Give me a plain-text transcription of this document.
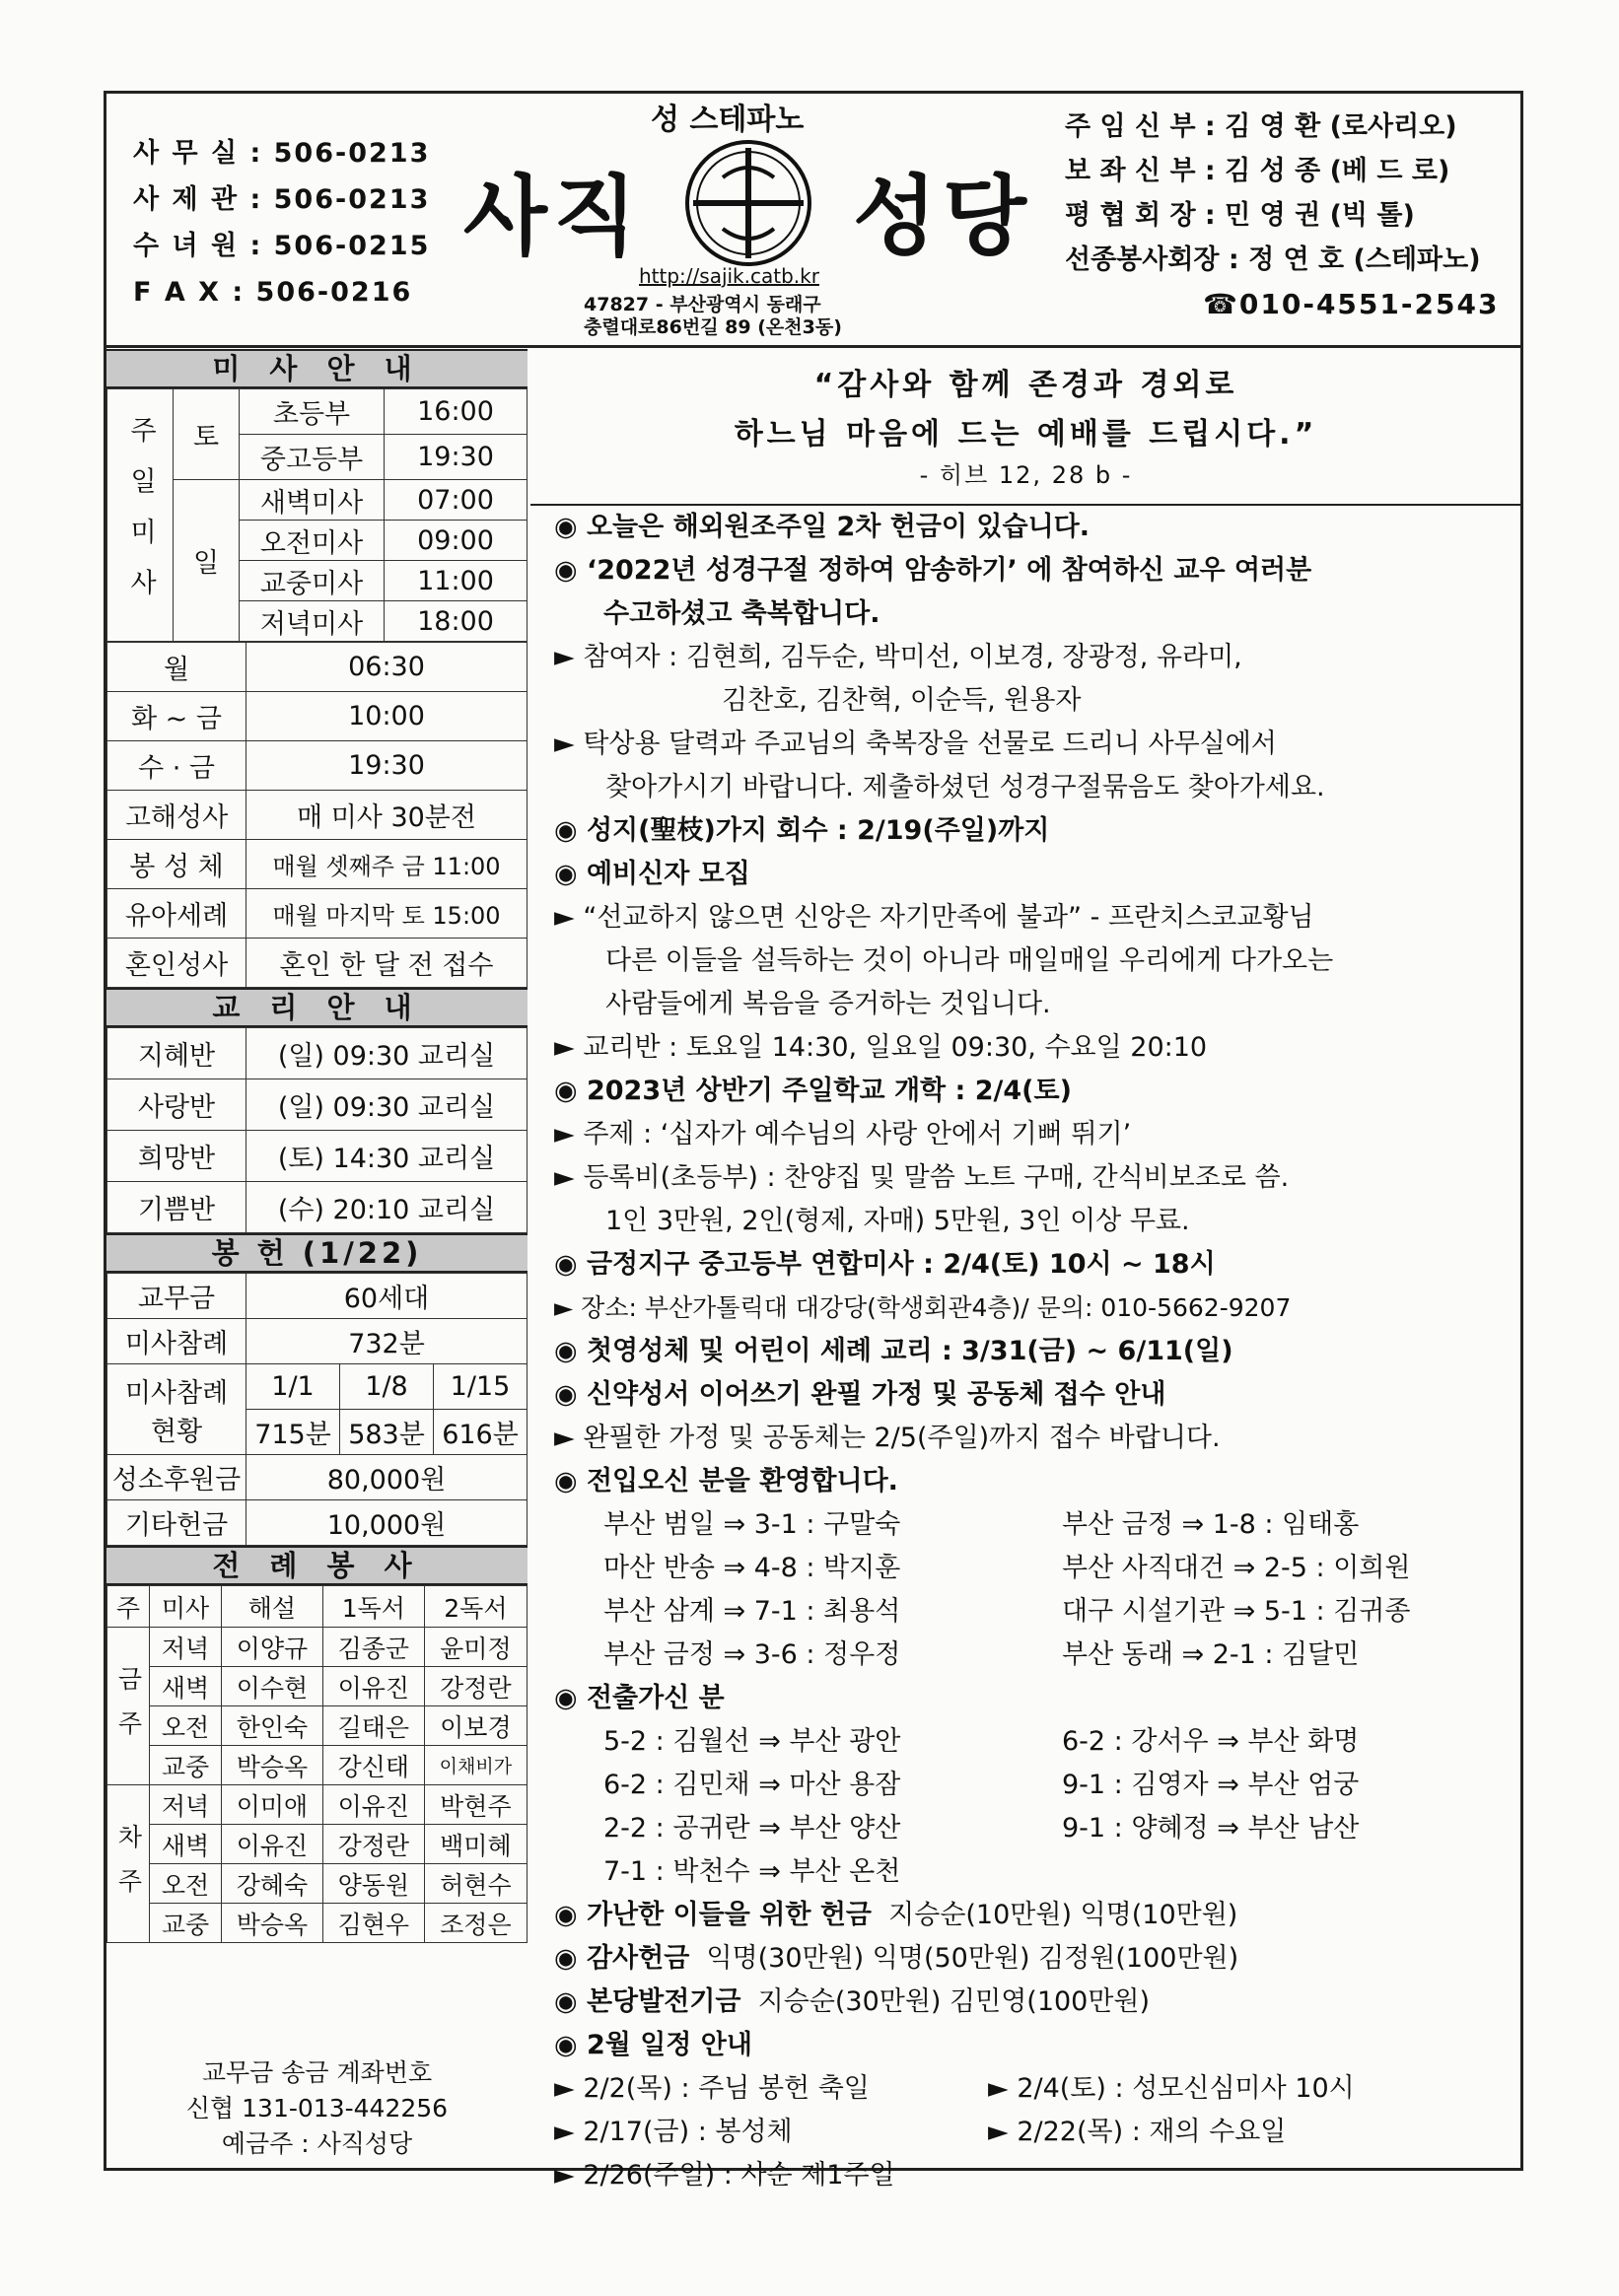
사 무 실 : 506-0213
사 제 관 : 506-0213
수 녀 원 : 506-0215
F A X : 506-0216
성 스테파노
사직 성당
http://sajik.catb.kr
47827 - 부산광역시 동래구
충렬대로86번길 89 (온천3동)
주 임 신 부 : 김 영 환 (로사리오)
보 좌 신 부 : 김 성 종 (베 드 로)
평 협 회 장 : 민 영 권 (빅 톨)
선종봉사회장 : 정 연 호 (스테파노)
☎010-4551-2543
미 사 안 내
주 일 미 사	토	초등부	16:00
		중고등부	19:30
	일	새벽미사	07:00
		오전미사	09:00
		교중미사	11:00
		저녁미사	18:00
월	06:30
화 ~ 금	10:00
수 · 금	19:30
고해성사	매 미사 30분전
봉 성 체	매월 셋째주 금 11:00
유아세례	매월 마지막 토 15:00
혼인성사	혼인 한 달 전 접수
교 리 안 내
지혜반	(일) 09:30 교리실
사랑반	(일) 09:30 교리실
희망반	(토) 14:30 교리실
기쁨반	(수) 20:10 교리실
봉 헌 (1/22)
교무금	60세대		
미사참례	732분		

미사참례
현황	1/1	1/8	1/15
	715분	583분	616분
성소후원금	80,000원		
기타헌금	10,000원		
전 례 봉 사
주	미사	해설	1독서	2독서
금 주	저녁	이양규	김종군	윤미정
	새벽	이수현	이유진	강정란
	오전	한인숙	길태은	이보경
	교중	박승옥	강신태	이채비가
차 주	저녁	이미애	이유진	박현주
	새벽	이유진	강정란	백미혜
	오전	강혜숙	양동원	허현수
	교중	박승옥	김현우	조정은
교무금 송금 계좌번호
신협 131-013-442256
예금주 : 사직성당
“감사와 함께 존경과 경외로
하느님 마음에 드는 예배를 드립시다.”
- 히브 12, 28 b -
◉ 오늘은 해외원조주일 2차 헌금이 있습니다.
◉ ‘2022년 성경구절 정하여 암송하기’ 에 참여하신 교우 여러분
수고하셨고 축복합니다.
► 참여자 : 김현희, 김두순, 박미선, 이보경, 장광정, 유라미,
김찬호, 김찬혁, 이순득, 원용자
► 탁상용 달력과 주교님의 축복장을 선물로 드리니 사무실에서
찾아가시기 바랍니다. 제출하셨던 성경구절묶음도 찾아가세요.
◉ 성지(聖枝)가지 회수 : 2/19(주일)까지
◉ 예비신자 모집
► “선교하지 않으면 신앙은 자기만족에 불과” - 프란치스코교황님
다른 이들을 설득하는 것이 아니라 매일매일 우리에게 다가오는
사람들에게 복음을 증거하는 것입니다.
► 교리반 : 토요일 14:30, 일요일 09:30, 수요일 20:10
◉ 2023년 상반기 주일학교 개학 : 2/4(토)
► 주제 : ‘십자가 예수님의 사랑 안에서 기뻐 뛰기’
► 등록비(초등부) : 찬양집 및 말씀 노트 구매, 간식비보조로 씀.
1인 3만원, 2인(형제, 자매) 5만원, 3인 이상 무료.
◉ 금정지구 중고등부 연합미사 : 2/4(토) 10시 ~ 18시
► 장소: 부산가톨릭대 대강당(학생회관4층)/ 문의: 010-5662-9207
◉ 첫영성체 및 어린이 세례 교리 : 3/31(금) ~ 6/11(일)
◉ 신약성서 이어쓰기 완필 가정 및 공동체 접수 안내
► 완필한 가정 및 공동체는 2/5(주일)까지 접수 바랍니다.
◉ 전입오신 분을 환영합니다.
부산 범일 ⇒ 3-1 : 구말숙	부산 금정 ⇒ 1-8 : 임태홍
마산 반송 ⇒ 4-8 : 박지훈	부산 사직대건 ⇒ 2-5 : 이희원
부산 삼계 ⇒ 7-1 : 최용석	대구 시설기관 ⇒ 5-1 : 김귀종
부산 금정 ⇒ 3-6 : 정우정	부산 동래 ⇒ 2-1 : 김달민
◉ 전출가신 분
5-2 : 김월선 ⇒ 부산 광안	6-2 : 강서우 ⇒ 부산 화명
6-2 : 김민채 ⇒ 마산 용잠	9-1 : 김영자 ⇒ 부산 엄궁
2-2 : 공귀란 ⇒ 부산 양산	9-1 : 양혜정 ⇒ 부산 남산
7-1 : 박천수 ⇒ 부산 온천
◉ 가난한 이들을 위한 헌금 지승순(10만원) 익명(10만원)
◉ 감사헌금 익명(30만원) 익명(50만원) 김정원(100만원)
◉ 본당발전기금 지승순(30만원) 김민영(100만원)
◉ 2월 일정 안내
► 2/2(목) : 주님 봉헌 축일	► 2/4(토) : 성모신심미사 10시
► 2/17(금) : 봉성체	► 2/22(목) : 재의 수요일
► 2/26(주일) : 사순 제1주일
